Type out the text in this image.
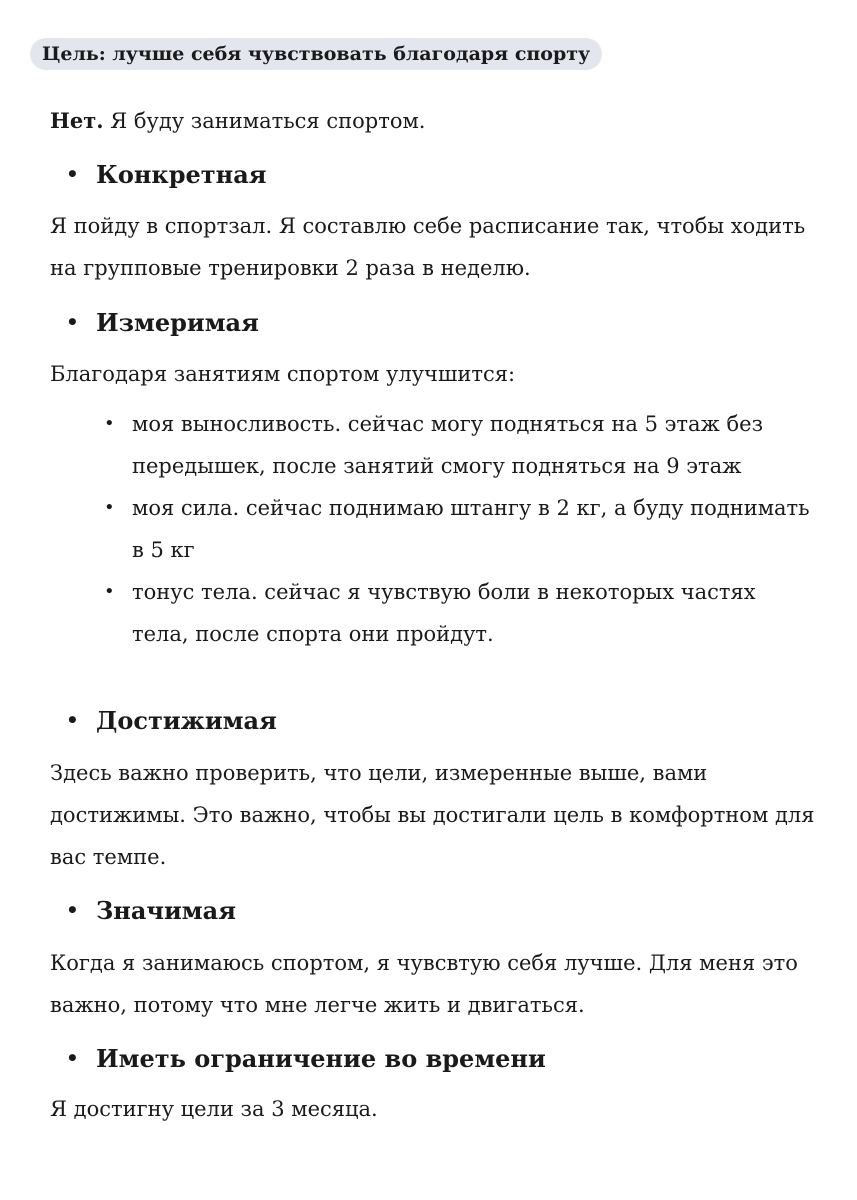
Цель: лучше себя чувствовать благодаря спорту
Нет. Я буду заниматься спортом.
• Конкретная
Я пойду в спортзал. Я составлю себе расписание так, чтобы ходить на групповые тренировки 2 раза в неделю.
• Измеримая
Благодаря занятиям спортом улучшится:
• моя выносливость. сейчас могу подняться на 5 этаж без передышек, после занятий смогу подняться на 9 этаж
• моя сила. сейчас поднимаю штангу в 2 кг, а буду поднимать в 5 кг
• тонус тела. сейчас я чувствую боли в некоторых частях тела, после спорта они пройдут.
• Достижимая
Здесь важно проверить, что цели, измеренные выше, вами достижимы. Это важно, чтобы вы достигали цель в комфортном для вас темпе.
• Значимая
Когда я занимаюсь спортом, я чувсвтую себя лучше. Для меня это важно, потому что мне легче жить и двигаться.
• Иметь ограничение во времени
Я достигну цели за 3 месяца.
